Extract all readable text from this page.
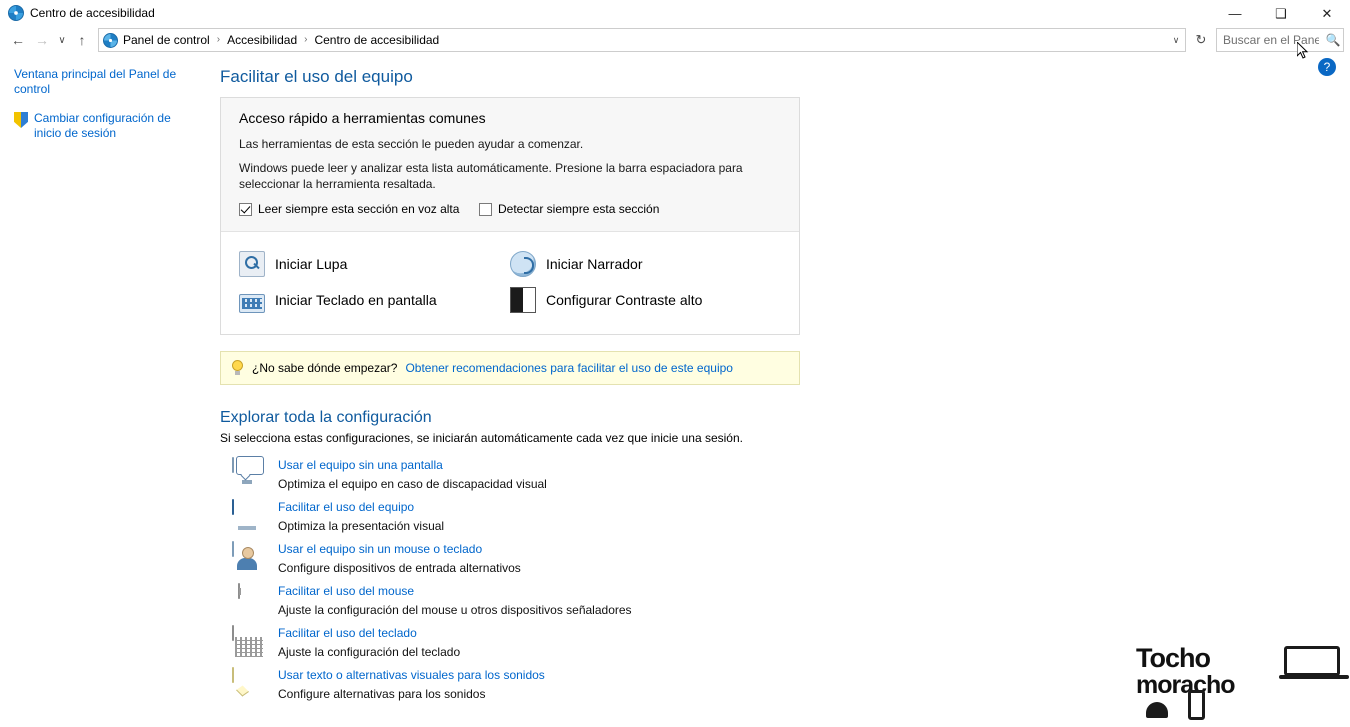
Centro de accesibilidad	—	❑	✕
← → ∨ ↑	Panel de control › Accesibilidad › Centro de accesibilidad	∨	↻
Buscar en el Panel ...	🔍
Ventana principal del Panel de control
Cambiar configuración de inicio de sesión
?
Facilitar el uso del equipo
Acceso rápido a herramientas comunes

Las herramientas de esta sección le pueden ayudar a comenzar.

Windows puede leer y analizar esta lista automáticamente. Presione la barra espaciadora para seleccionar la herramienta resaltada.

Leer siempre esta sección en voz alta	Detectar siempre esta sección
Iniciar Lupa	Iniciar Narrador
Iniciar Teclado en pantalla	Configurar Contraste alto
¿No sabe dónde empezar? Obtener recomendaciones para facilitar el uso de este equipo
Explorar toda la configuración

Si selecciona estas configuraciones, se iniciarán automáticamente cada vez que inicie una sesión.

Usar el equipo sin una pantalla
Optimiza el equipo en caso de discapacidad visual
Facilitar el uso del equipo
Optimiza la presentación visual
Usar el equipo sin un mouse o teclado
Configure dispositivos de entrada alternativos
Facilitar el uso del mouse
Ajuste la configuración del mouse u otros dispositivos señaladores
Facilitar el uso del teclado
Ajuste la configuración del teclado
Usar texto o alternativas visuales para los sonidos
Configure alternativas para los sonidos
Tocho
moracho
